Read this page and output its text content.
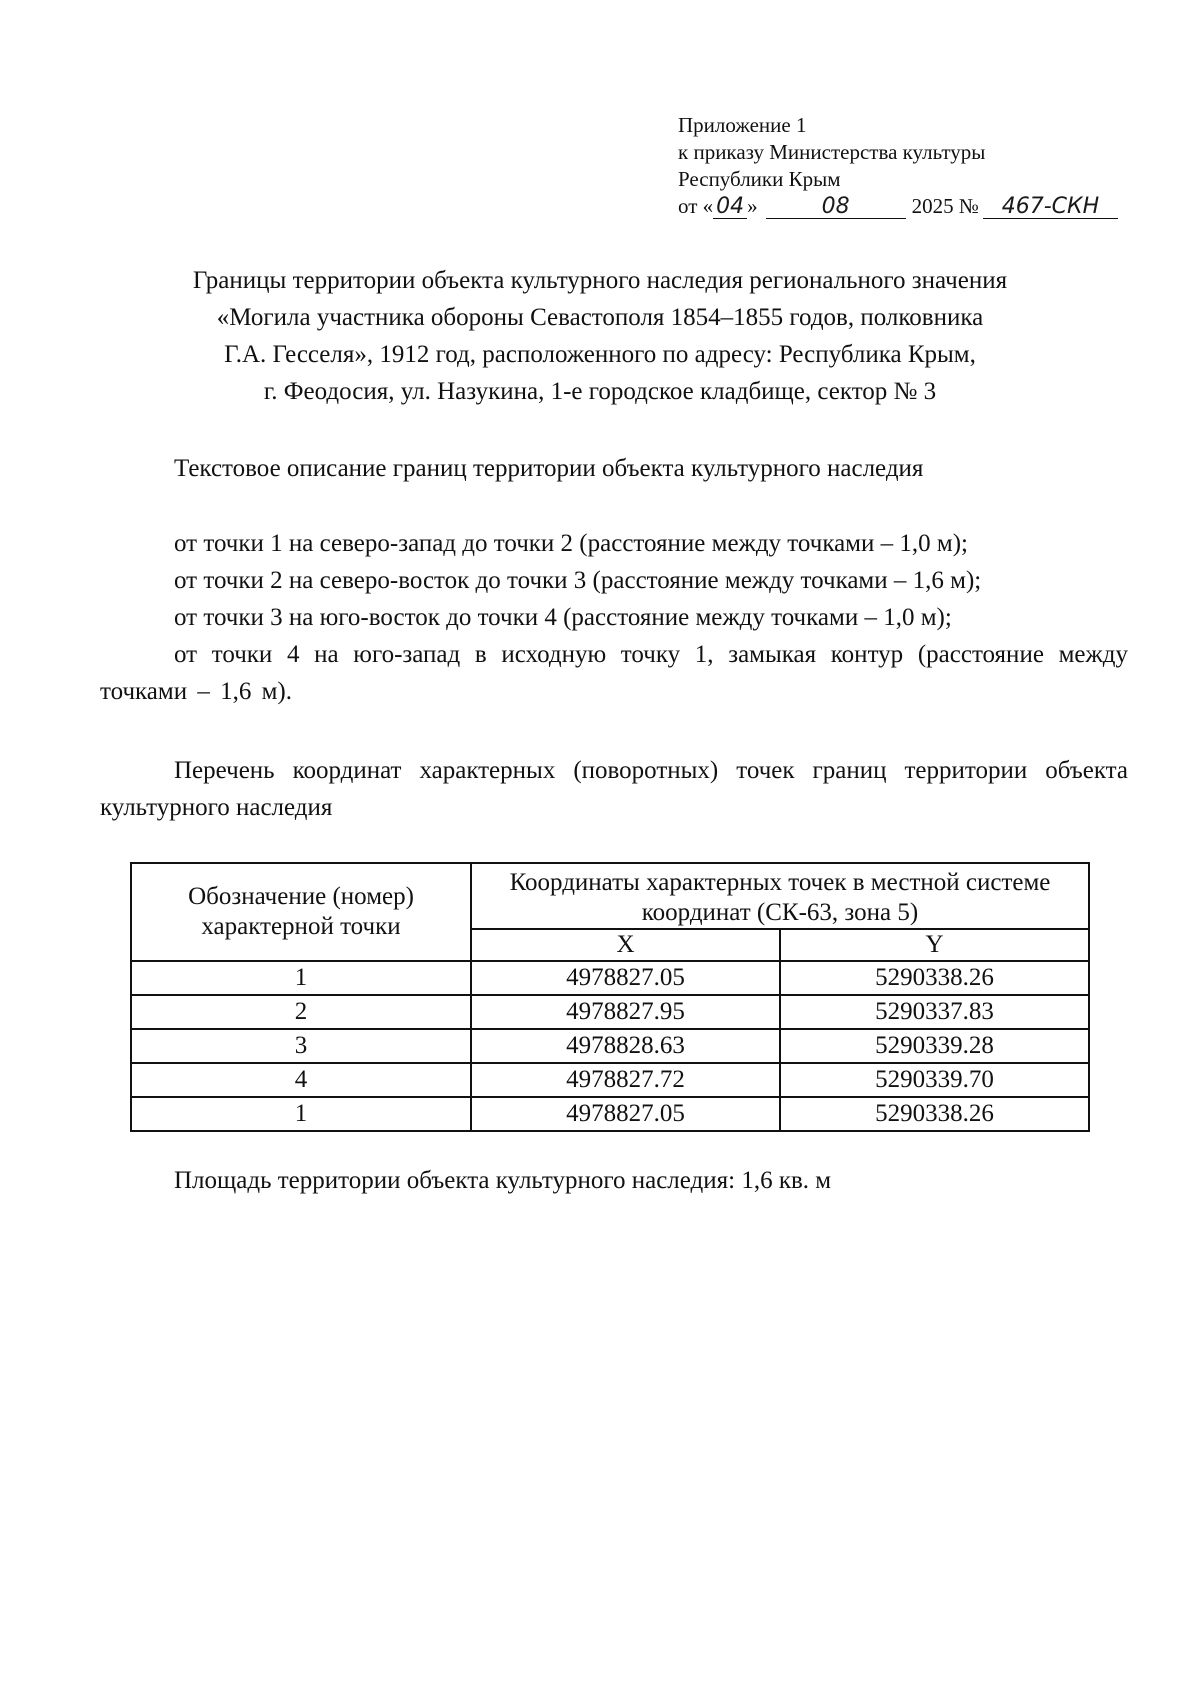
Приложение 1
к приказу Министерства культуры
Республики Крым
от « 04 »	08	2025 № 467-СКН
Границы территории объекта культурного наследия регионального значения
«Могила участника обороны Севастополя 1854–1855 годов, полковника
Г.А. Гесселя», 1912 год, расположенного по адресу: Республика Крым,
г. Феодосия, ул. Назукина, 1-е городское кладбище, сектор № 3
Текстовое описание границ территории объекта культурного наследия
от точки 1 на северо-запад до точки 2 (расстояние между точками – 1,0 м);
от точки 2 на северо-восток до точки 3 (расстояние между точками – 1,6 м);
от точки 3 на юго-восток до точки 4 (расстояние между точками – 1,0 м);
от точки 4 на юго-запад в исходную точку 1, замыкая контур (расстояние между точками – 1,6 м).
Перечень координат характерных (поворотных) точек границ территории объекта культурного наследия
Обозначение (номер) характерной точки	Координаты характерных точек в местной системе координат (СК-63, зона 5)	
	X	Y
1	4978827.05	5290338.26
2	4978827.95	5290337.83
3	4978828.63	5290339.28
4	4978827.72	5290339.70
1	4978827.05	5290338.26
Площадь территории объекта культурного наследия: 1,6 кв. м
